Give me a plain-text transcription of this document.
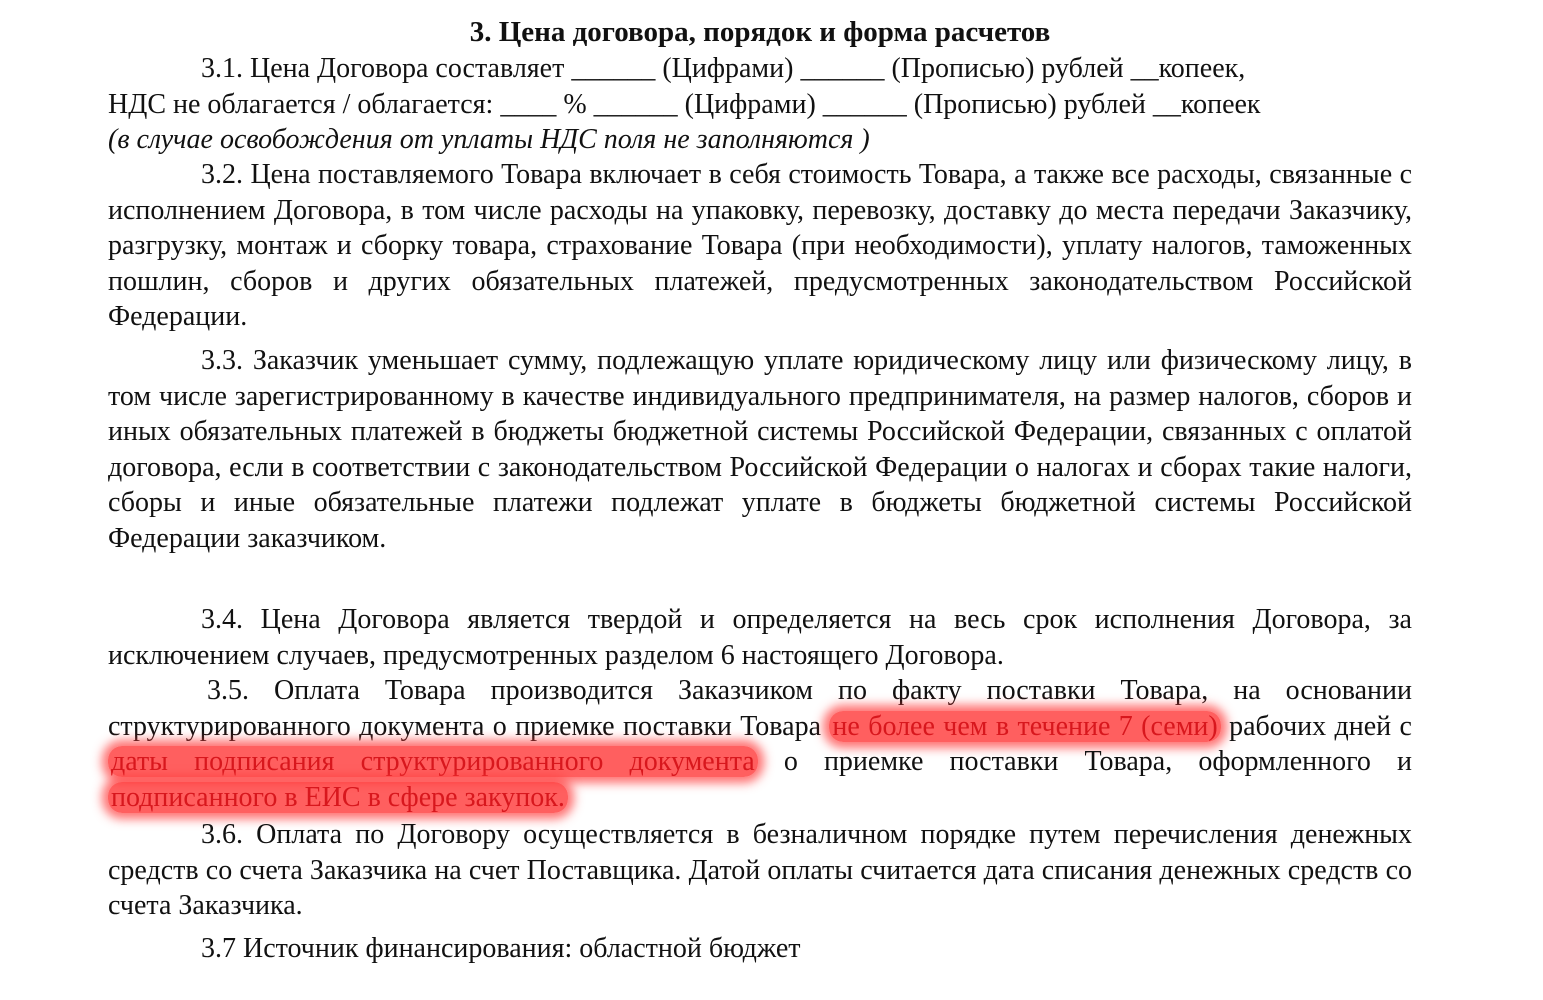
3. Цена договора, порядок и форма расчетов

3.1. Цена Договора составляет ______ (Цифрами) ______ (Прописью) рублей __копеек,
НДС не облагается / облагается: ____ % ______ (Цифрами) ______ (Прописью) рублей __копеек
(в случае освобождения от уплаты НДС поля не заполняются )

3.2. Цена поставляемого Товара включает в себя стоимость Товара, а также все расходы, связанные с исполнением Договора, в том числе расходы на упаковку, перевозку, доставку до места передачи Заказчику, разгрузку, монтаж и сборку товара, страхование Товара (при необходимости), уплату налогов, таможенных пошлин, сборов и других обязательных платежей, предусмотренных законодательством Российской Федерации.

3.3. Заказчик уменьшает сумму, подлежащую уплате юридическому лицу или физическому лицу, в том числе зарегистрированному в качестве индивидуального предпринимателя, на размер налогов, сборов и иных обязательных платежей в бюджеты бюджетной системы Российской Федерации, связанных с оплатой договора, если в соответствии с законодательством Российской Федерации о налогах и сборах такие налоги, сборы и иные обязательные платежи подлежат уплате в бюджеты бюджетной системы Российской Федерации заказчиком.

3.4. Цена Договора является твердой и определяется на весь срок исполнения Договора, за исключением случаев, предусмотренных разделом 6 настоящего Договора.

3.5. Оплата Товара производится Заказчиком по факту поставки Товара, на основании структурированного документа о приемке поставки Товара не более чем в течение 7 (семи) рабочих дней с даты подписания структурированного документа о приемке поставки Товара, оформленного и подписанного в ЕИС в сфере закупок.

3.6. Оплата по Договору осуществляется в безналичном порядке путем перечисления денежных средств со счета Заказчика на счет Поставщика. Датой оплаты считается дата списания денежных средств со счета Заказчика.

3.7 Источник финансирования: областной бюджет
